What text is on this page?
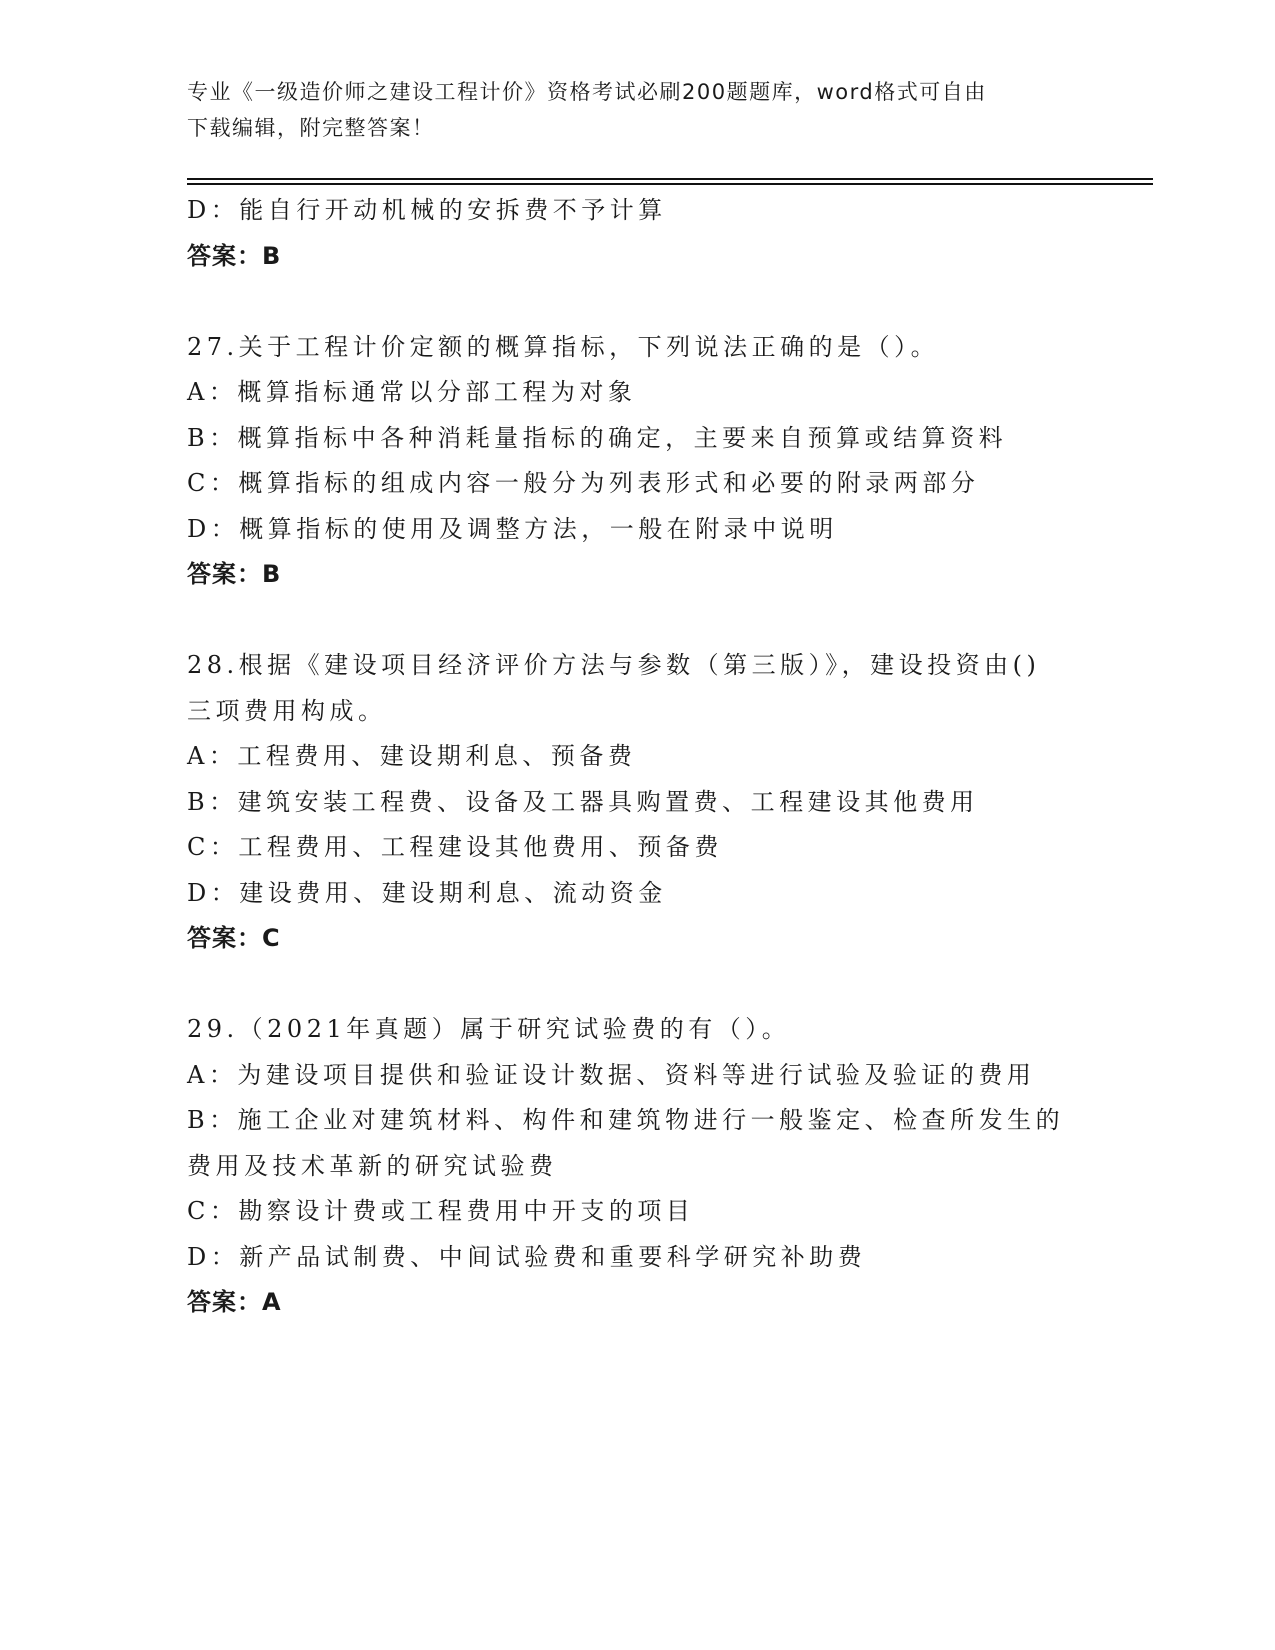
专业《一级造价师之建设工程计价》资格考试必刷200题题库，word格式可自由
下载编辑，附完整答案！
D：能自行开动机械的安拆费不予计算
答案：B
27.关于工程计价定额的概算指标，下列说法正确的是（）。
A：概算指标通常以分部工程为对象
B：概算指标中各种消耗量指标的确定，主要来自预算或结算资料
C：概算指标的组成内容一般分为列表形式和必要的附录两部分
D：概算指标的使用及调整方法，一般在附录中说明
答案：B
28.根据《建设项目经济评价方法与参数（第三版）》，建设投资由()
三项费用构成。
A：工程费用、建设期利息、预备费
B：建筑安装工程费、设备及工器具购置费、工程建设其他费用
C：工程费用、工程建设其他费用、预备费
D：建设费用、建设期利息、流动资金
答案：C
29.（2021年真题）属于研究试验费的有（）。
A：为建设项目提供和验证设计数据、资料等进行试验及验证的费用
B：施工企业对建筑材料、构件和建筑物进行一般鉴定、检查所发生的
费用及技术革新的研究试验费
C：勘察设计费或工程费用中开支的项目
D：新产品试制费、中间试验费和重要科学研究补助费
答案：A
